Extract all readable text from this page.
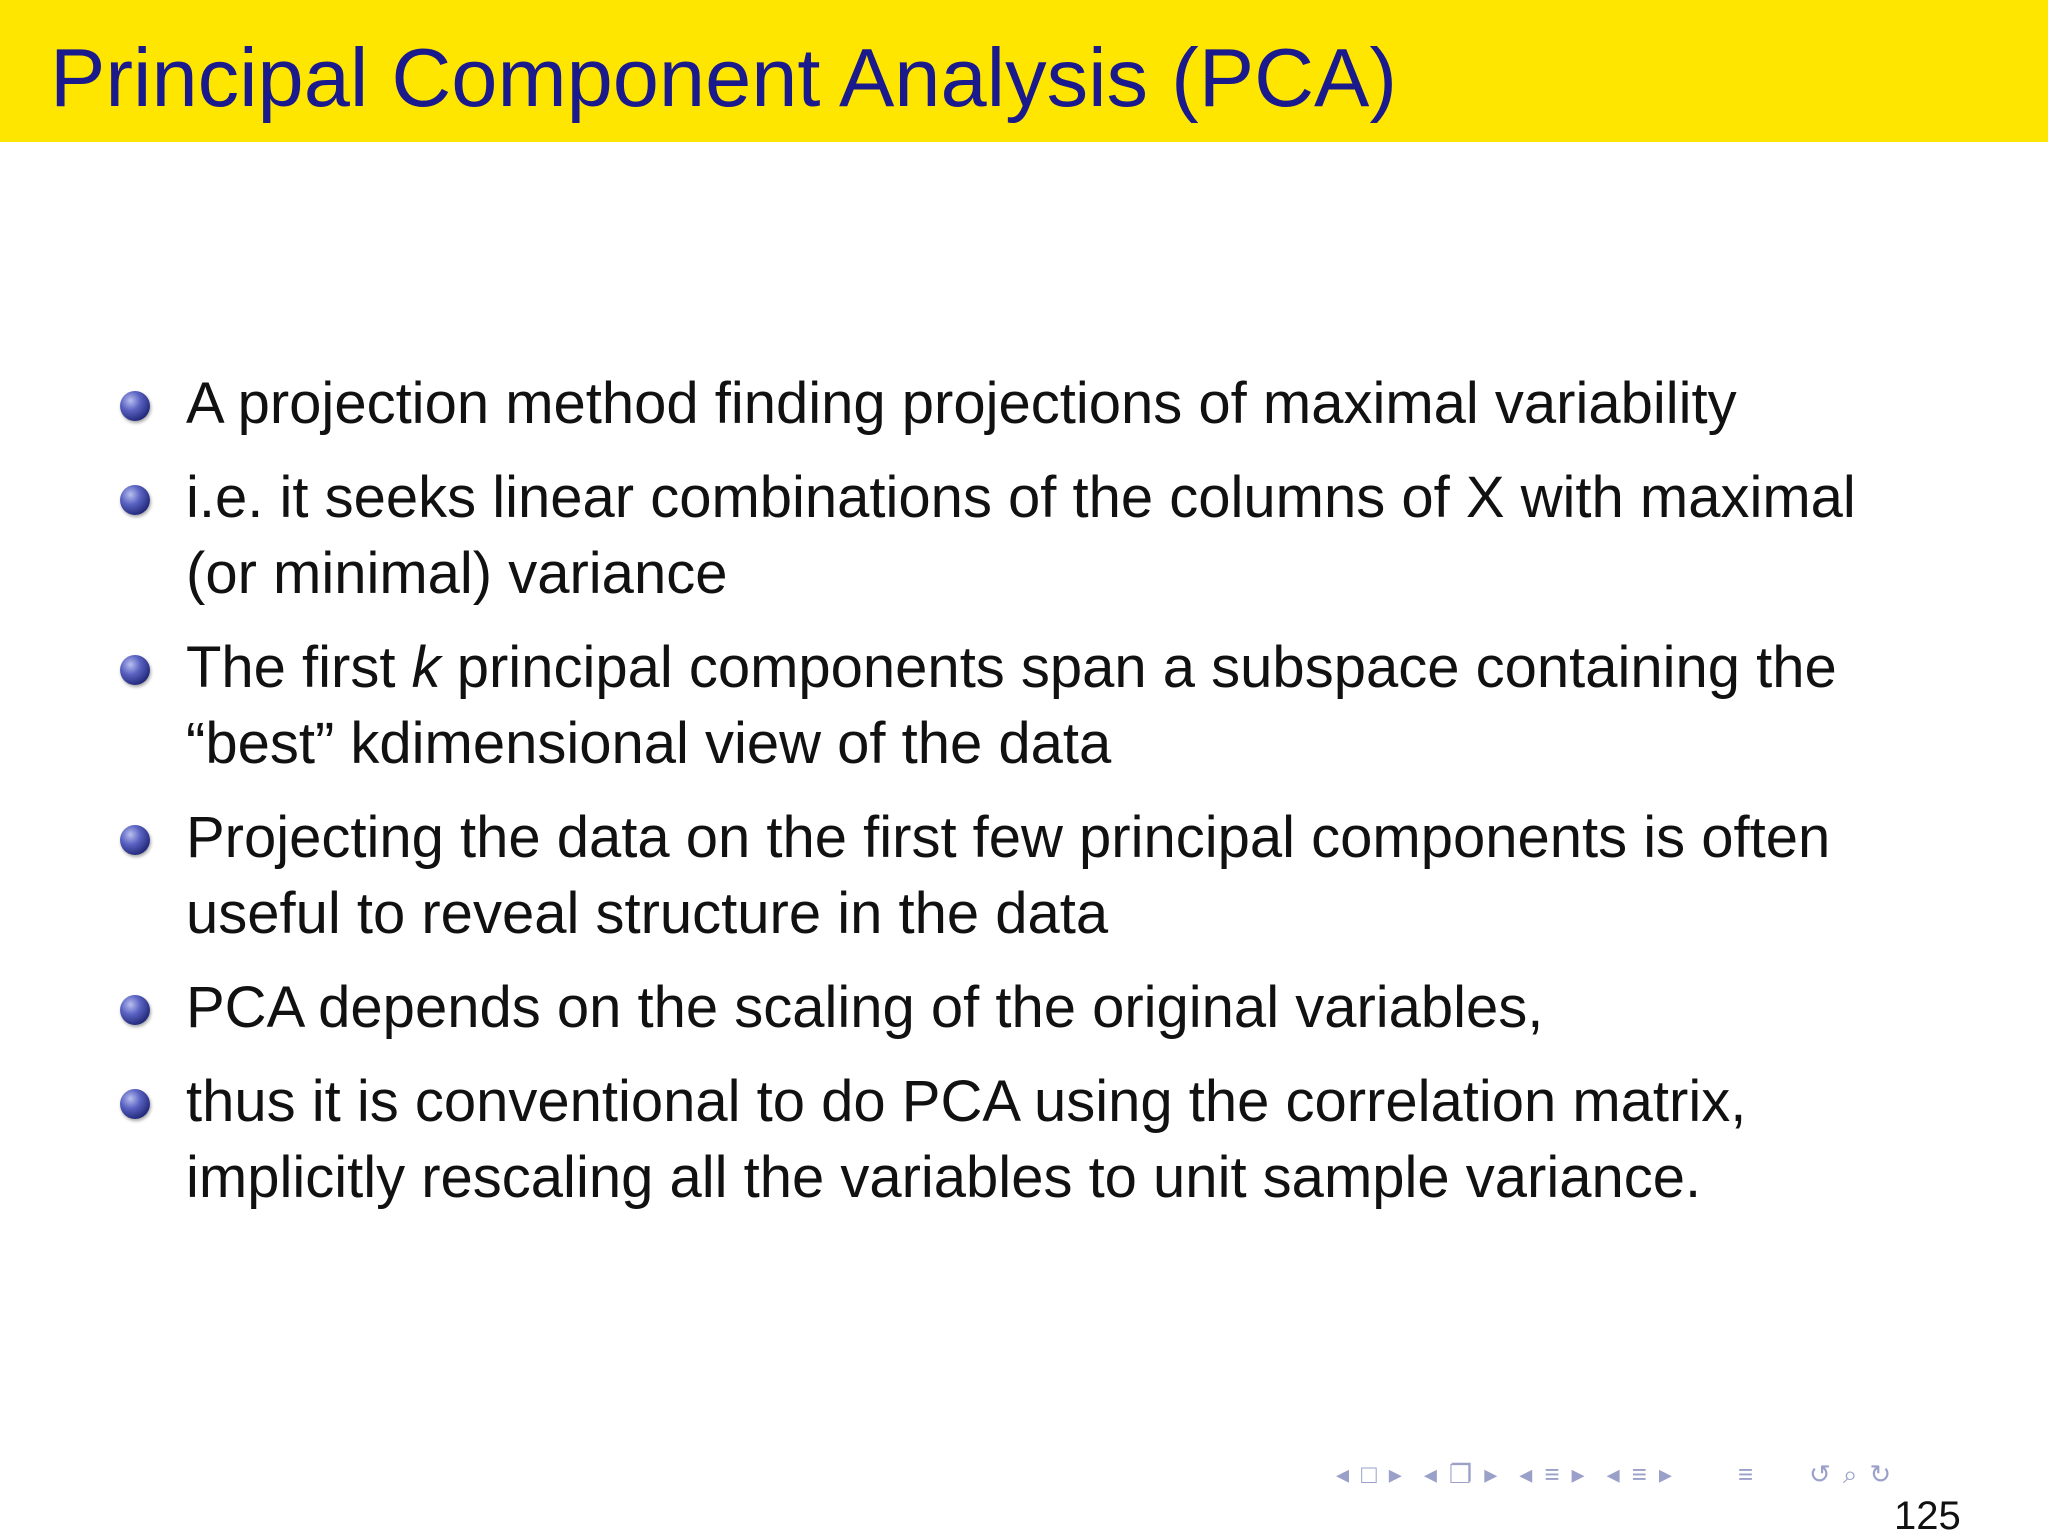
Principal Component Analysis (PCA)
A projection method finding projections of maximal variability
i.e. it seeks linear combinations of the columns of X with maximal
(or minimal) variance
The first k principal components span a subspace containing the
“best” kdimensional view of the data
Projecting the data on the first few principal components is often
useful to reveal structure in the data
PCA depends on the scaling of the original variables,
thus it is conventional to do PCA using the correlation matrix,
implicitly rescaling all the variables to unit sample variance.
◂ □ ▸ ◂ ❐ ▸ ◂ ≡ ▸ ◂ ≡ ▸	≡ ↺ ⌕ ↻
125
